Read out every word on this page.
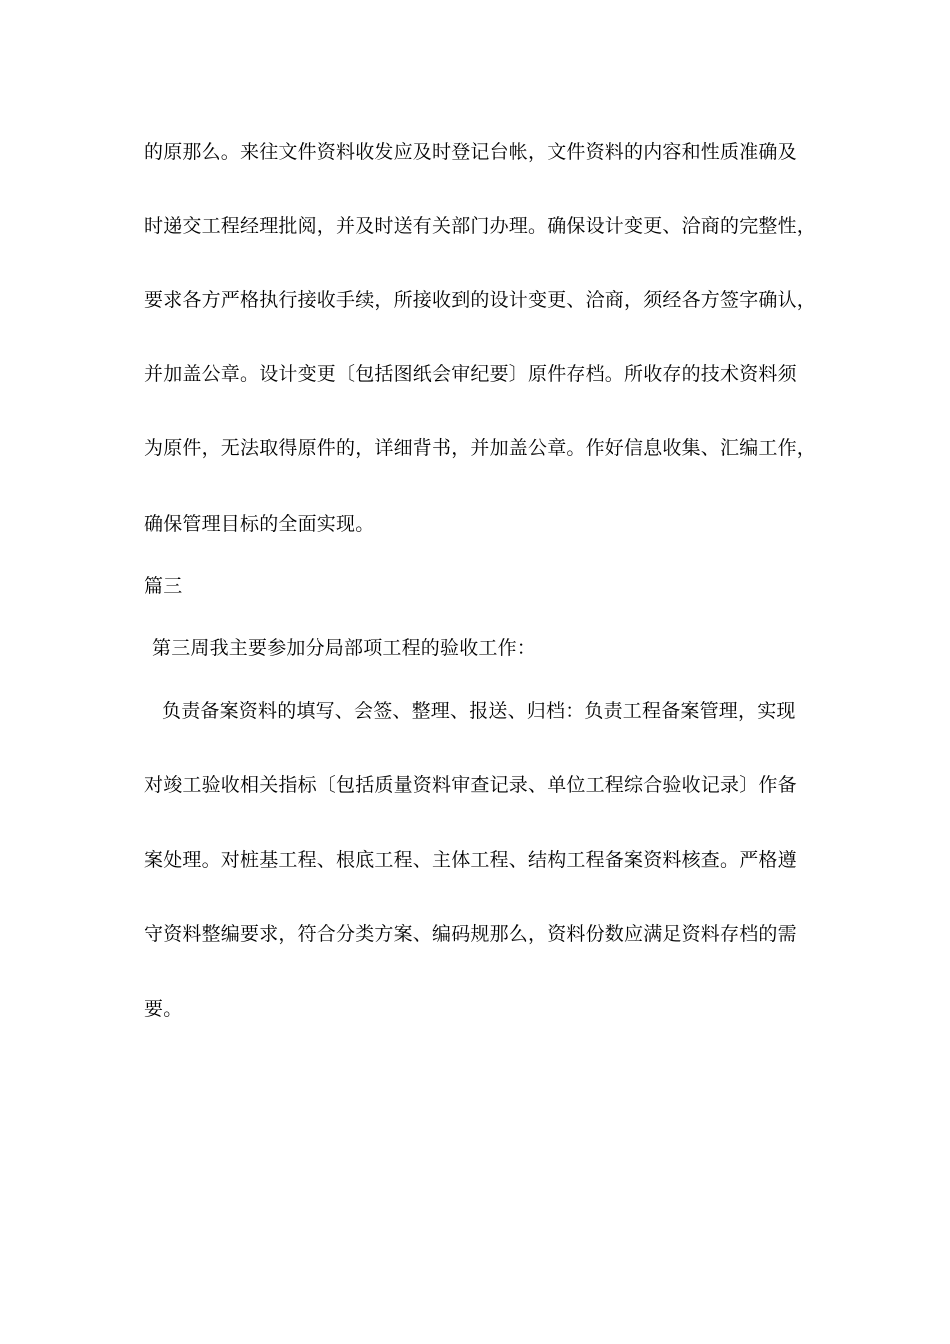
的原那么。来往文件资料收发应及时登记台帐，文件资料的内容和性质准确及
时递交工程经理批阅，并及时送有关部门办理。确保设计变更、洽商的完整性，
要求各方严格执行接收手续，所接收到的设计变更、洽商，须经各方签字确认，
并加盖公章。设计变更〔包括图纸会审纪要〕原件存档。所收存的技术资料须
为原件，无法取得原件的，详细背书，并加盖公章。作好信息收集、汇编工作，
确保管理目标的全面实现。
篇三
第三周我主要参加分局部项工程的验收工作：
负责备案资料的填写、会签、整理、报送、归档：负责工程备案管理，实现
对竣工验收相关指标〔包括质量资料审查记录、单位工程综合验收记录〕作备
案处理。对桩基工程、根底工程、主体工程、结构工程备案资料核查。严格遵
守资料整编要求，符合分类方案、编码规那么，资料份数应满足资料存档的需
要。
